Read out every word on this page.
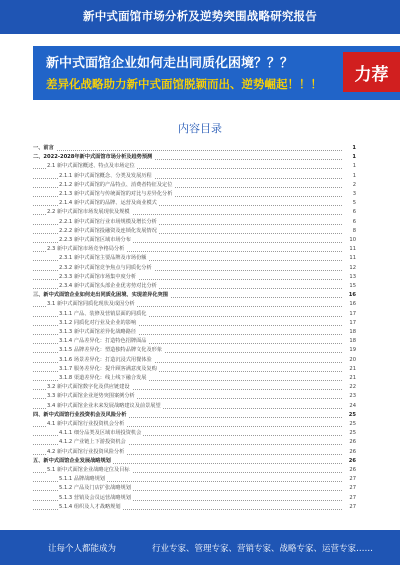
新中式面馆市场分析及逆势突围战略研究报告
新中式面馆企业如何走出同质化困境？？？
差异化战略助力新中式面馆脱颖而出、逆势崛起！！！	力荐
内容目录
一、前言	1
二、2022-2028年新中式面馆市场分析及趋势预测	1
2.1 新中式面馆概述、特点及市场定位	1
2.1.1 新中式面馆概念、分类及发展历程	1
2.1.2 新中式面馆的产品特点、消费者特征及定位	2
2.1.3 新中式面馆与传统面馆的对比与差异化分析	3
2.1.4 新中式面馆的品牌、运营及商业模式	5
2.2 新中式面馆市场发展现状及规模	6
2.2.1 新中式面馆行业市场规模及增长分析	6
2.2.2 新中式面馆投融资及连锁化发展情况	8
2.2.3 新中式面馆区域市场分布	10
2.3 新中式面馆市场竞争格局分析	11
2.3.1 新中式面馆主要品牌及市场份额	11
2.3.2 新中式面馆竞争焦点与同质化分析	12
2.3.3 新中式面馆市场集中度分析	13
2.3.4 新中式面馆头部企业优劣势对比分析	15
三、新中式面馆企业如何走出同质化困境、实现差异化突围	16
3.1 新中式面馆同质化现状及成因分析	16
3.1.1 产品、装修及营销层面的同质化	17
3.1.2 同质化对行业及企业的影响	17
3.1.3 新中式面馆差异化战略路径	18
3.1.4 产品差异化：打造特色招牌面品	18
3.1.5 品牌差异化：塑造独特品牌文化及形象	19
3.1.6 场景差异化：打造沉浸式用餐体验	20
3.1.7 服务差异化：提升顾客满意度及复购	21
3.1.8 渠道差异化：线上线下融合发展	21
3.2 新中式面馆数字化及供应链建设	22
3.3 新中式面馆企业逆势突围案例分析	23
3.4 新中式面馆企业未来发展战略建议及前景展望	24
四、新中式面馆行业投资机会及风险分析	25
4.1 新中式面馆行业投资机会分析	25
4.1.1 细分品类及区域市场投资机会	25
4.1.2 产业链上下游投资机会	26
4.2 新中式面馆行业投资风险分析	26
五、新中式面馆企业发展战略规划	26
5.1 新中式面馆企业战略定位及目标	26
5.1.1 品牌战略规划	27
5.1.2 产品及门店扩张战略规划	27
5.1.3 营销及会员运营战略规划	27
5.1.4 组织及人才战略规划	27
让每个人都能成为	行业专家、管理专家、营销专家、战略专家、运营专家……
